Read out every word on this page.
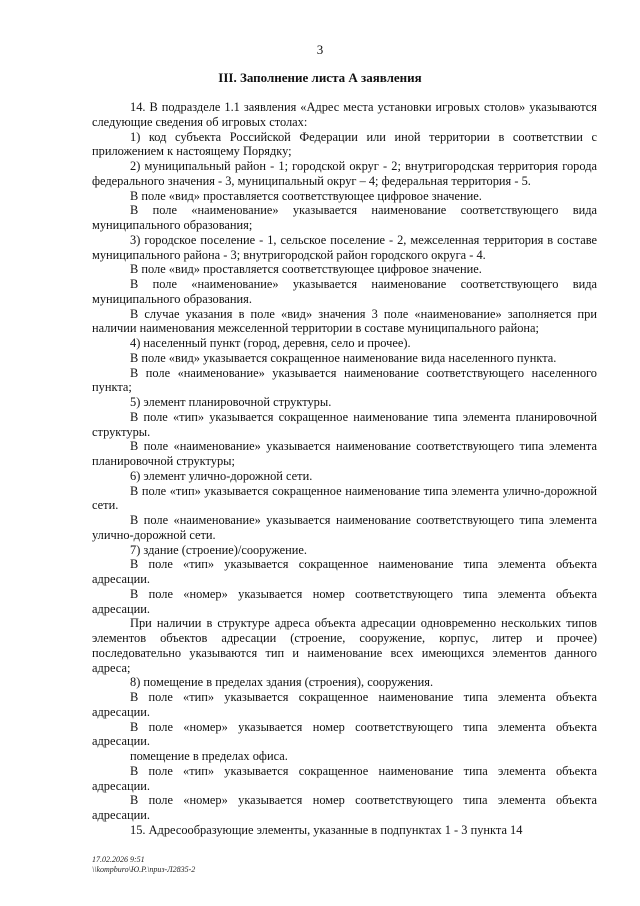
3
III. Заполнение листа А заявления

14. В подразделе 1.1 заявления «Адрес места установки игровых столов» указываются следующие сведения об игровых столах:

1) код субъекта Российской Федерации или иной территории в соответствии с приложением к настоящему Порядку;

2) муниципальный район - 1; городской округ - 2; внутригородская территория города федерального значения - 3, муниципальный округ – 4; федеральная территория - 5.

В поле «вид» проставляется соответствующее цифровое значение.

В поле «наименование» указывается наименование соответствующего вида муниципального образования;

3) городское поселение - 1, сельское поселение - 2, межселенная территория в составе муниципального района - 3; внутригородской район городского округа - 4.

В поле «вид» проставляется соответствующее цифровое значение.

В поле «наименование» указывается наименование соответствующего вида муниципального образования.

В случае указания в поле «вид» значения 3 поле «наименование» заполняется при наличии наименования межселенной территории в составе муниципального района;

4) населенный пункт (город, деревня, село и прочее).

В поле «вид» указывается сокращенное наименование вида населенного пункта.

В поле «наименование» указывается наименование соответствующего населенного пункта;

5) элемент планировочной структуры.

В поле «тип» указывается сокращенное наименование типа элемента планировочной структуры.

В поле «наименование» указывается наименование соответствующего типа элемента планировочной структуры;

6) элемент улично-дорожной сети.

В поле «тип» указывается сокращенное наименование типа элемента улично-дорожной сети.

В поле «наименование» указывается наименование соответствующего типа элемента улично-дорожной сети.

7) здание (строение)/сооружение.

В поле «тип» указывается сокращенное наименование типа элемента объекта адресации.

В поле «номер» указывается номер соответствующего типа элемента объекта адресации.

При наличии в структуре адреса объекта адресации одновременно нескольких типов элементов объектов адресации (строение, сооружение, корпус, литер и прочее) последовательно указываются тип и наименование всех имеющихся элементов данного адреса;

8) помещение в пределах здания (строения), сооружения.

В поле «тип» указывается сокращенное наименование типа элемента объекта адресации.

В поле «номер» указывается номер соответствующего типа элемента объекта адресации.

помещение в пределах офиса.

В поле «тип» указывается сокращенное наименование типа элемента объекта адресации.

В поле «номер» указывается номер соответствующего типа элемента объекта адресации.

15. Адресообразующие элементы, указанные в подпунктах 1 - 3 пункта 14

17.02.2026 9:51
\\kompburo\Ю.Р.\приз-Л2835-2
